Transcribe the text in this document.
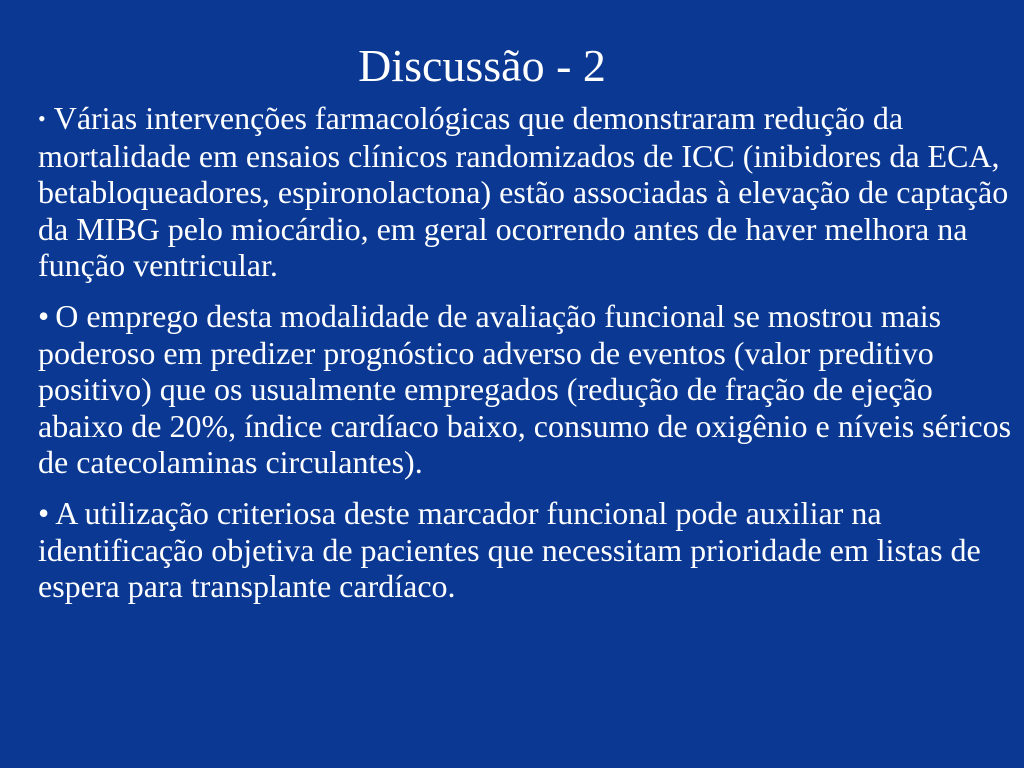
Discussão - 2
• Várias intervenções farmacológicas que demonstraram redução da mortalidade em ensaios clínicos randomizados de ICC (inibidores da ECA, betabloqueadores, espironolactona) estão associadas à elevação de captação da MIBG pelo miocárdio, em geral ocorrendo antes de haver melhora na função ventricular.
• O emprego desta modalidade de avaliação funcional se mostrou mais poderoso em predizer prognóstico adverso de eventos (valor preditivo positivo) que os usualmente empregados (redução de fração de ejeção abaixo de 20%, índice cardíaco baixo, consumo de oxigênio e níveis séricos de catecolaminas circulantes).
• A utilização criteriosa deste marcador funcional pode auxiliar na identificação objetiva de pacientes que necessitam prioridade em listas de espera para transplante cardíaco.
